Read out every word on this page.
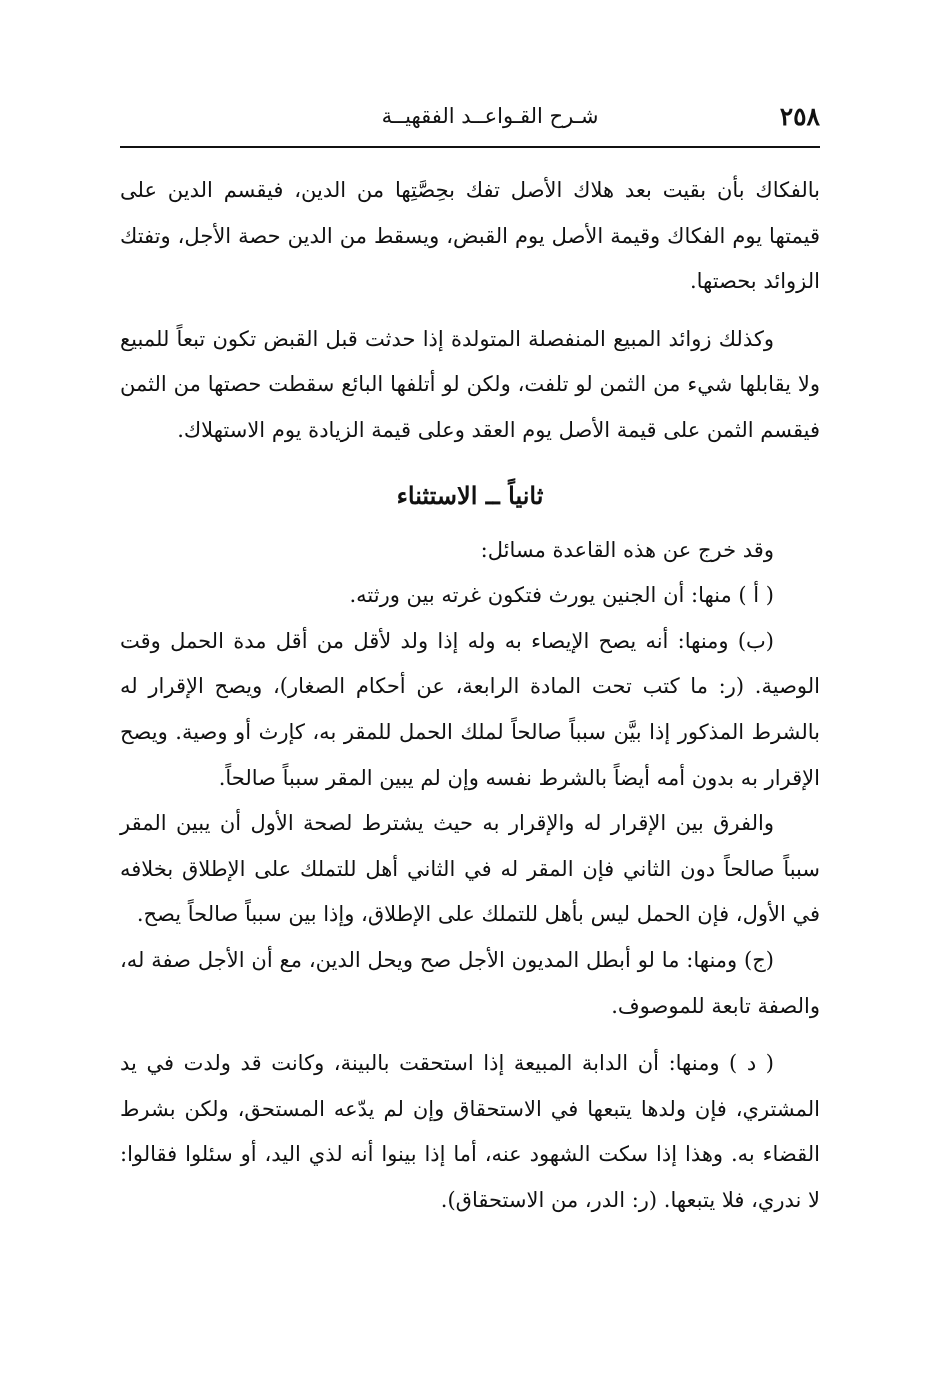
٢٥٨
شـرح القـواعــد الفقهيــة

بالفكاك بأن بقيت بعد هلاك الأصل تفك بحِصَّتِها من الدين، فيقسم الدين على قيمتها يوم الفكاك وقيمة الأصل يوم القبض، ويسقط من الدين حصة الأجل، وتفتك الزوائد بحصتها.

وكذلك زوائد المبيع المنفصلة المتولدة إذا حدثت قبل القبض تكون تبعاً للمبيع ولا يقابلها شيء من الثمن لو تلفت، ولكن لو أتلفها البائع سقطت حصتها من الثمن فيقسم الثمن على قيمة الأصل يوم العقد وعلى قيمة الزيادة يوم الاستهلاك.

ثانياً ــ الاستثناء

وقد خرج عن هذه القاعدة مسائل:

( أ ) منها: أن الجنين يورث فتكون غرته بين ورثته.

(ب) ومنها: أنه يصح الإيصاء به وله إذا ولد لأقل من أقل مدة الحمل وقت الوصية. (ر: ما كتب تحت المادة الرابعة، عن أحكام الصغار)، ويصح الإقرار له بالشرط المذكور إذا بيَّن سبباً صالحاً لملك الحمل للمقر به، كإرث أو وصية. ويصح الإقرار به بدون أمه أيضاً بالشرط نفسه وإن لم يبين المقر سبباً صالحاً.

والفرق بين الإقرار له والإقرار به حيث يشترط لصحة الأول أن يبين المقر سبباً صالحاً دون الثاني فإن المقر له في الثاني أهل للتملك على الإطلاق بخلافه في الأول، فإن الحمل ليس بأهل للتملك على الإطلاق، وإذا بين سبباً صالحاً يصح.

(ج) ومنها: ما لو أبطل المديون الأجل صح ويحل الدين، مع أن الأجل صفة له، والصفة تابعة للموصوف.

( د ) ومنها: أن الدابة المبيعة إذا استحقت بالبينة، وكانت قد ولدت في يد المشتري، فإن ولدها يتبعها في الاستحقاق وإن لم يدّعه المستحق، ولكن بشرط القضاء به. وهذا إذا سكت الشهود عنه، أما إذا بينوا أنه لذي اليد، أو سئلوا فقالوا: لا ندري، فلا يتبعها. (ر: الدر، من الاستحقاق).
